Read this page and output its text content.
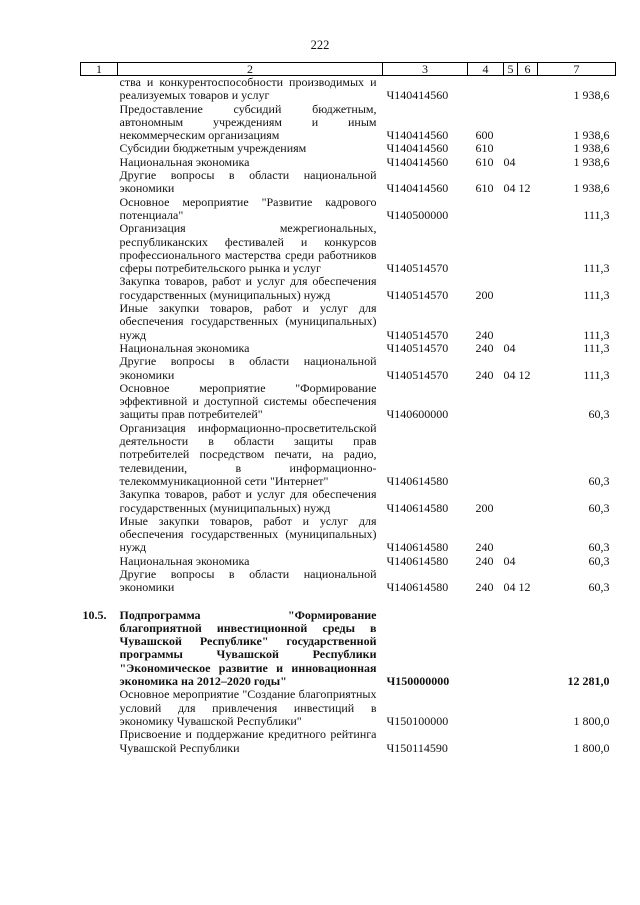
222
1	2	3	4	5	6	7
	ства и конкурентоспособности производимых и реализуемых товаров и услуг	Ч140414560				1 938,6
	Предоставление субсидий бюджетным, автономным учреждениям и иным некоммерческим организациям	Ч140414560	600			1 938,6
	Субсидии бюджетным учреждениям	Ч140414560	610			1 938,6
	Национальная экономика	Ч140414560	610	04		1 938,6
	Другие вопросы в области национальной экономики	Ч140414560	610	04 12		1 938,6
	Основное мероприятие "Развитие кадрового потенциала"	Ч140500000				111,3
	Организация межрегиональных, республиканских фестивалей и конкурсов профессионального мастерства среди работников сферы потребительского рынка и услуг	Ч140514570				111,3
	Закупка товаров, работ и услуг для обеспечения государственных (муниципальных) нужд	Ч140514570	200			111,3
	Иные закупки товаров, работ и услуг для обеспечения государственных (муниципальных) нужд	Ч140514570	240			111,3
	Национальная экономика	Ч140514570	240	04		111,3
	Другие вопросы в области национальной экономики	Ч140514570	240	04 12		111,3
	Основное мероприятие "Формирование эффективной и доступной системы обеспечения защиты прав потребителей"	Ч140600000				60,3
	Организация информационно-просветительской деятельности в области защиты прав потребителей посредством печати, на радио, телевидении, в информационно-телекоммуникационной сети "Интернет"	Ч140614580				60,3
	Закупка товаров, работ и услуг для обеспечения государственных (муниципальных) нужд	Ч140614580	200			60,3
	Иные закупки товаров, работ и услуг для обеспечения государственных (муниципальных) нужд	Ч140614580	240			60,3
	Национальная экономика	Ч140614580	240	04		60,3
	Другие вопросы в области национальной экономики	Ч140614580	240	04 12		60,3

10.5.	Подпрограмма "Формирование благоприятной инвестиционной среды в Чувашской Республике" государственной программы Чувашской Республики "Экономическое развитие и инновационная экономика на 2012–2020 годы"	Ч150000000				12 281,0
	Основное мероприятие "Создание благоприятных условий для привлечения инвестиций в экономику Чувашской Республики"	Ч150100000				1 800,0
	Присвоение и поддержание кредитного рейтинга Чувашской Республики	Ч150114590				1 800,0
